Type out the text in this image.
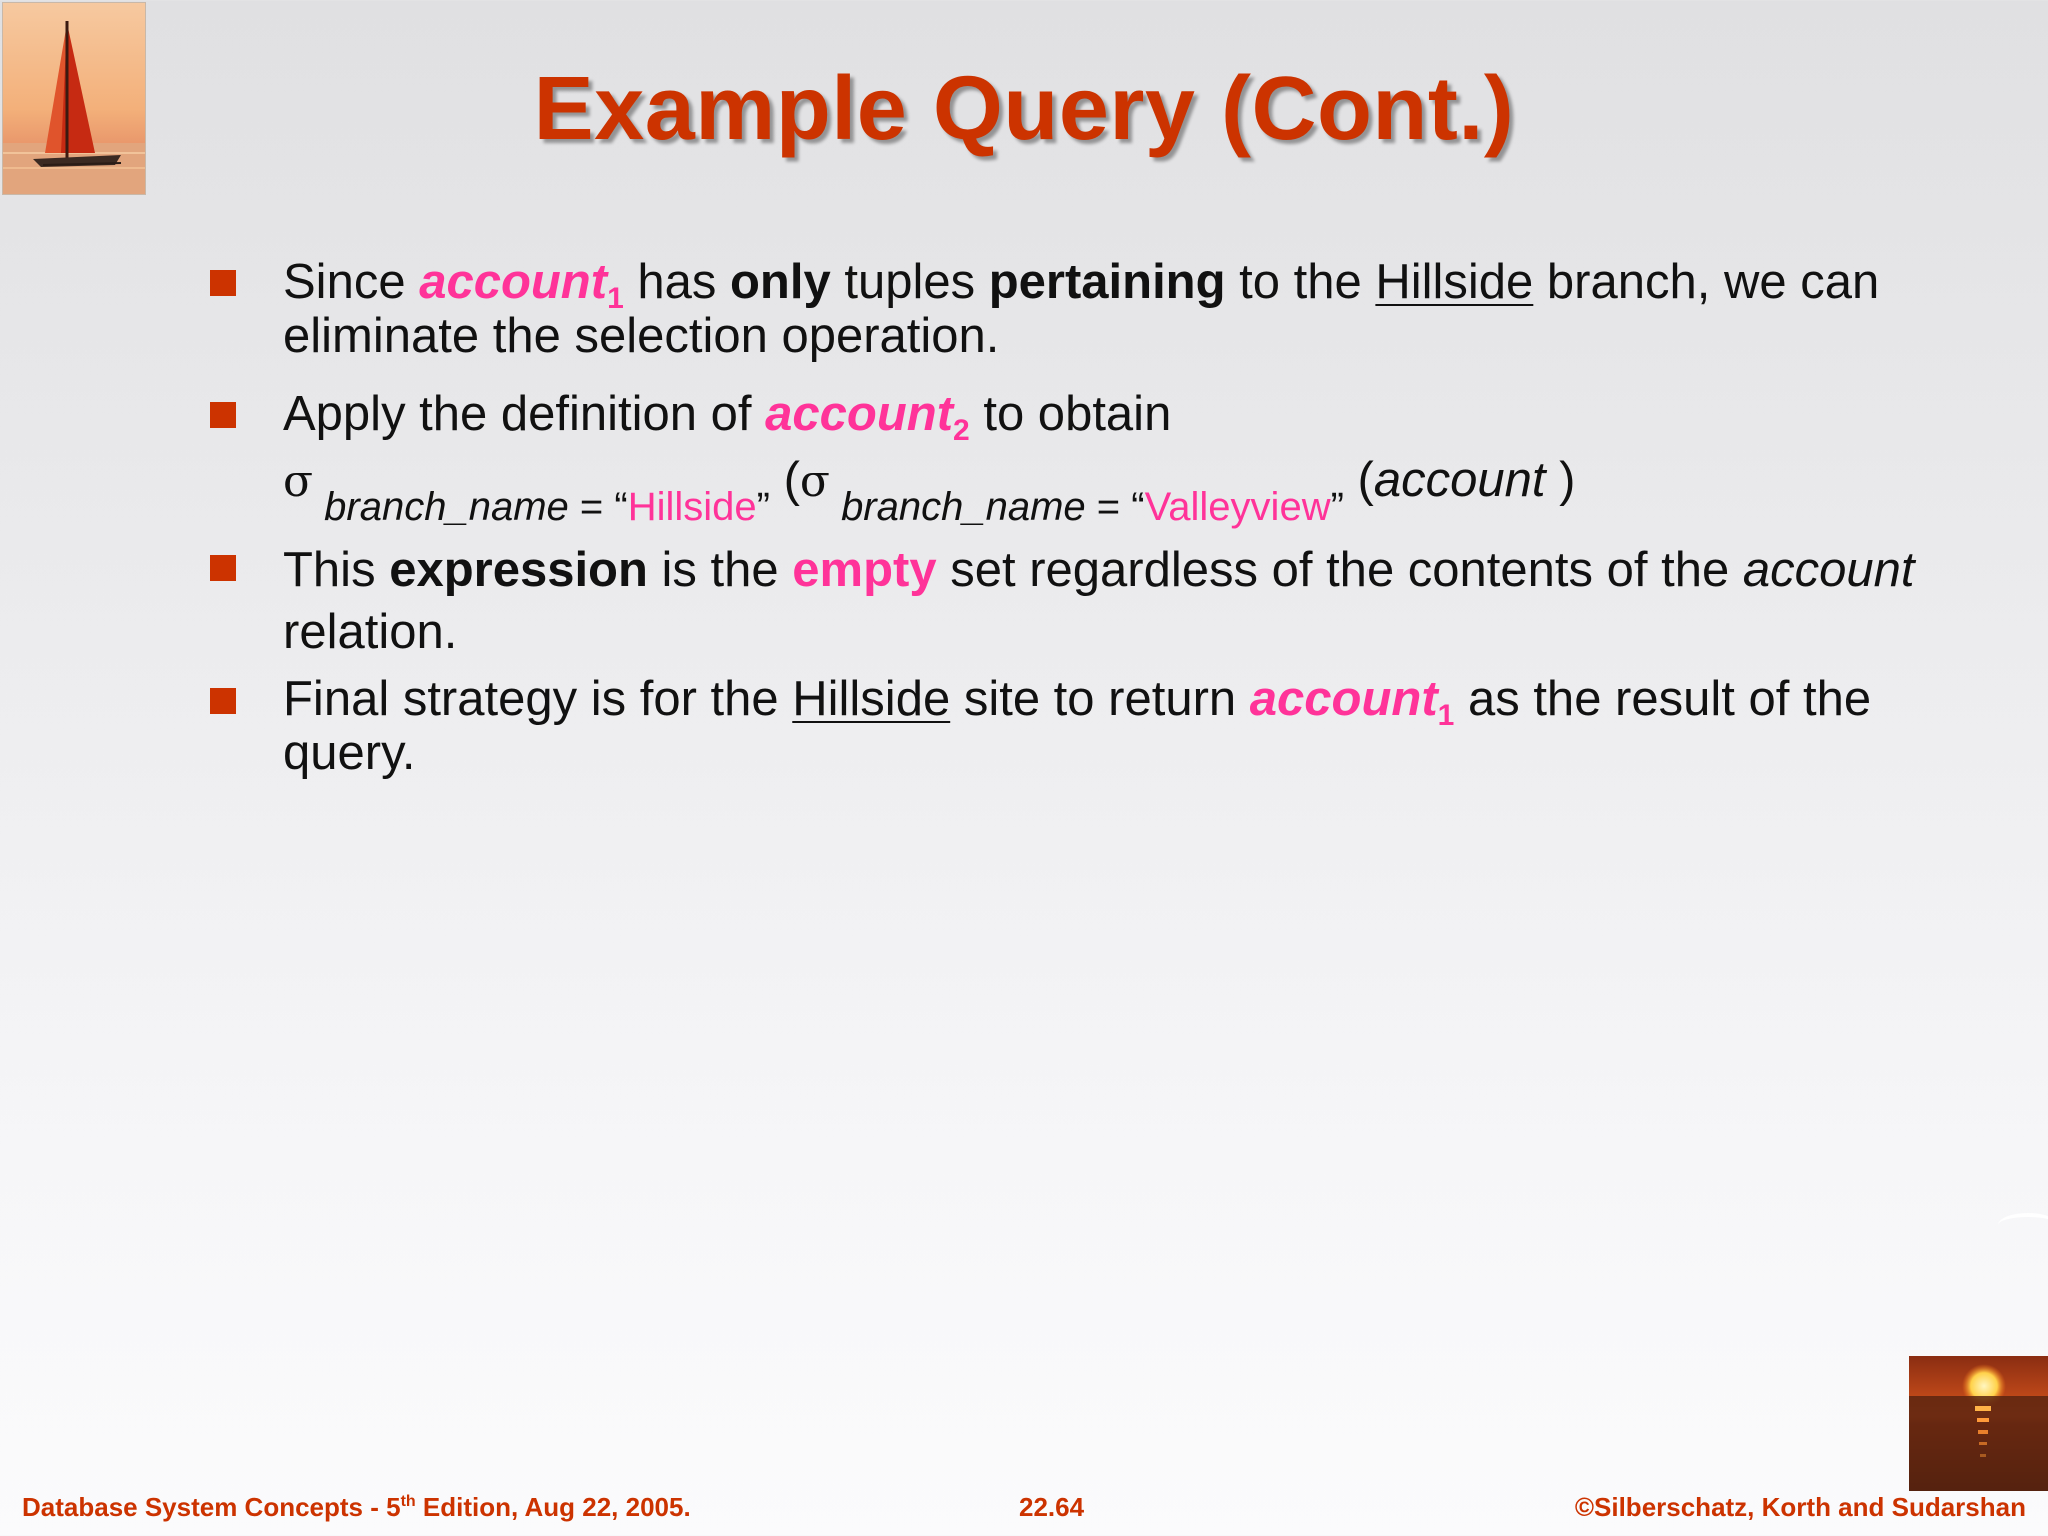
Example Query (Cont.)
Since account$_1$ has only tuples pertaining to the Hillside branch, we can eliminate the selection operation.
Apply the definition of account$_2$ to obtain
σ $_{branch\_name = “Hillside”}$ (σ $_{branch\_name = “Valleyview”}$ (account )
This expression is the empty set regardless of the contents of the account relation.
Final strategy is for the Hillside site to return account$_1$ as the result of the query.
Database System Concepts - 5th Edition, Aug 22, 2005.	22.64	©Silberschatz, Korth and Sudarshan
